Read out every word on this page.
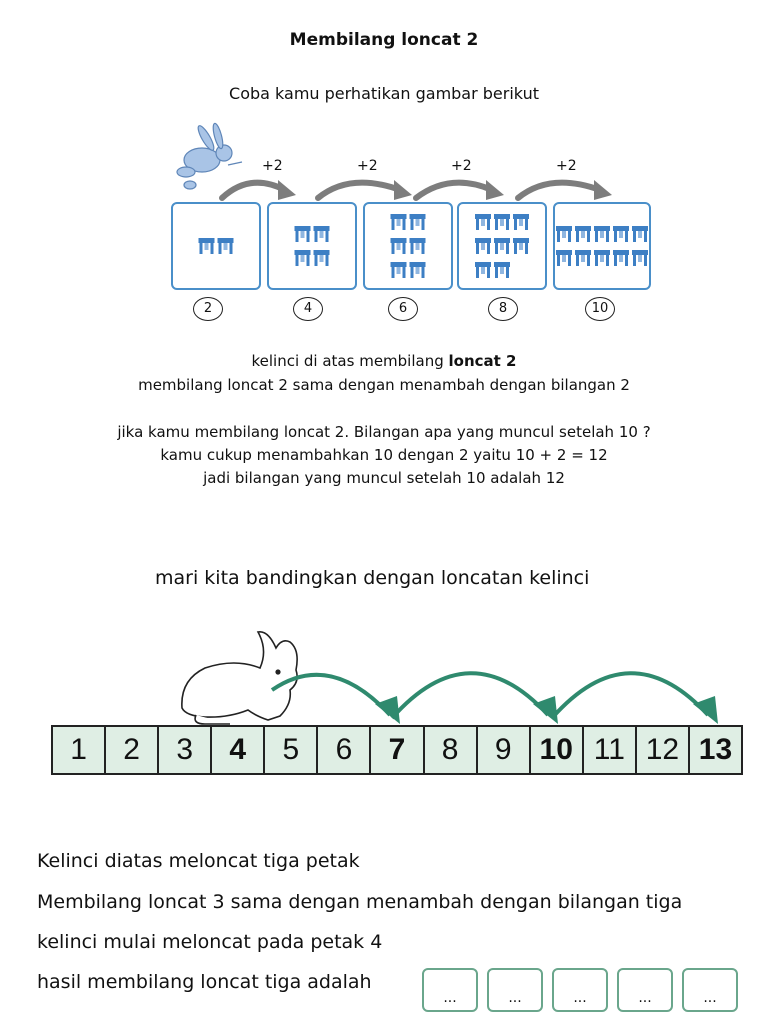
Membilang loncat 2
Coba kamu perhatikan gambar berikut
+2	+2	+2	+2
2	4	6	8	10
kelinci di atas membilang loncat 2
membilang loncat 2 sama dengan menambah dengan bilangan 2
jika kamu membilang loncat 2. Bilangan apa yang muncul setelah 10 ?
kamu cukup menambahkan 10 dengan 2 yaitu 10 + 2 = 12
jadi bilangan yang muncul setelah 10 adalah 12
mari kita bandingkan dengan loncatan kelinci
1	2	3	4	5	6	7	8	9 10 11 12 13
Kelinci diatas meloncat tiga petak
Membilang loncat 3 sama dengan menambah dengan bilangan tiga
kelinci mulai meloncat pada petak 4
hasil membilang loncat tiga adalah
...	...	...	...	...
